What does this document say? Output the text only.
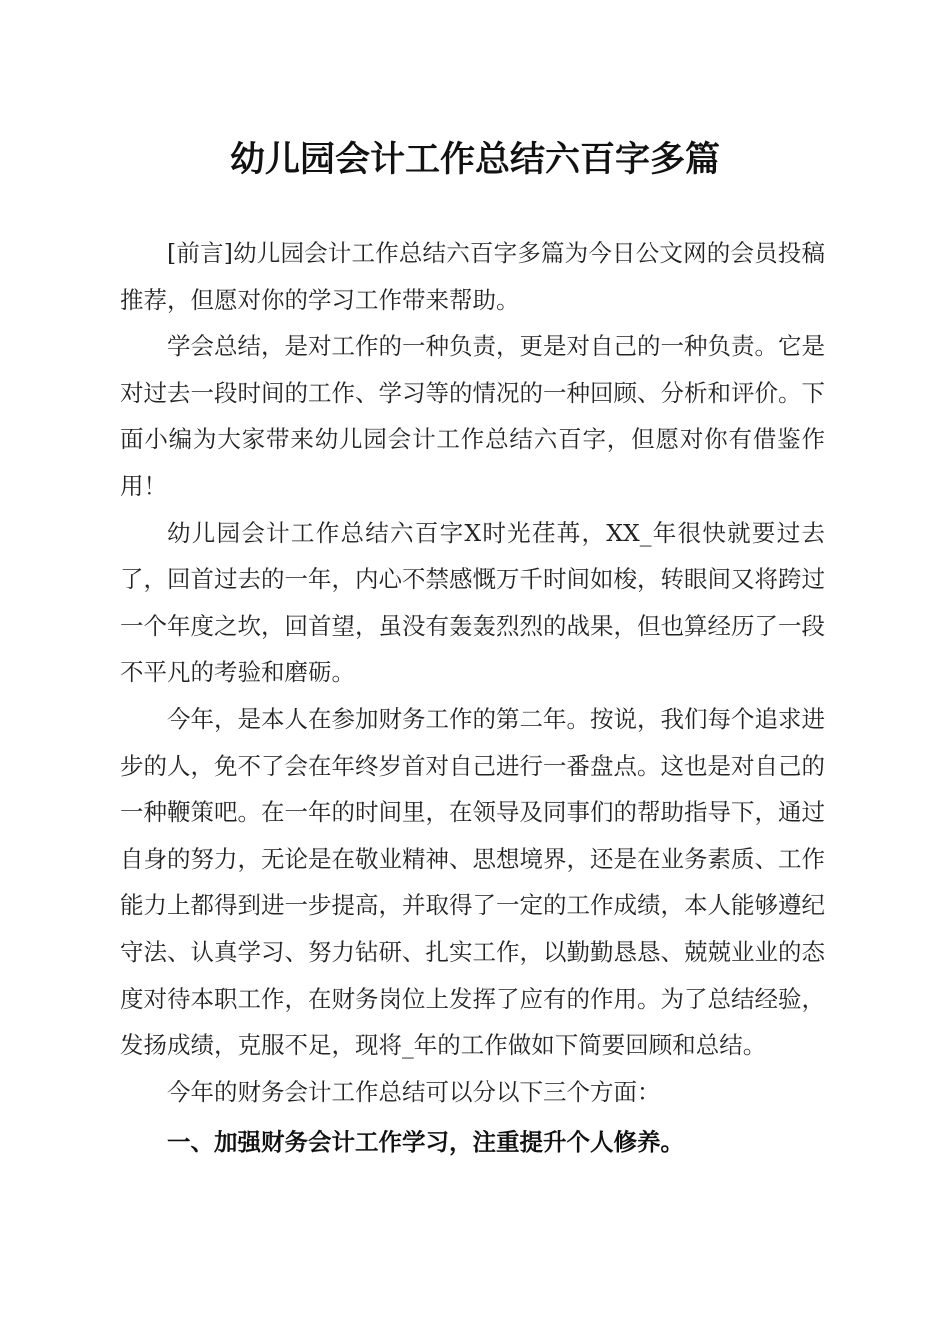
幼儿园会计工作总结六百字多篇

[前言]幼儿园会计工作总结六百字多篇为今日公文网的会员投稿推荐，但愿对你的学习工作带来帮助。

学会总结，是对工作的一种负责，更是对自己的一种负责。它是对过去一段时间的工作、学习等的情况的一种回顾、分析和评价。下面小编为大家带来幼儿园会计工作总结六百字，但愿对你有借鉴作用！

幼儿园会计工作总结六百字X时光荏苒，XX_年很快就要过去了，回首过去的一年，内心不禁感慨万千时间如梭，转眼间又将跨过一个年度之坎，回首望，虽没有轰轰烈烈的战果，但也算经历了一段不平凡的考验和磨砺。

今年，是本人在参加财务工作的第二年。按说，我们每个追求进步的人，免不了会在年终岁首对自己进行一番盘点。这也是对自己的一种鞭策吧。在一年的时间里，在领导及同事们的帮助指导下，通过自身的努力，无论是在敬业精神、思想境界，还是在业务素质、工作能力上都得到进一步提高，并取得了一定的工作成绩，本人能够遵纪守法、认真学习、努力钻研、扎实工作，以勤勤恳恳、兢兢业业的态度对待本职工作，在财务岗位上发挥了应有的作用。为了总结经验，发扬成绩，克服不足，现将_年的工作做如下简要回顾和总结。

今年的财务会计工作总结可以分以下三个方面：

一、加强财务会计工作学习，注重提升个人修养。
